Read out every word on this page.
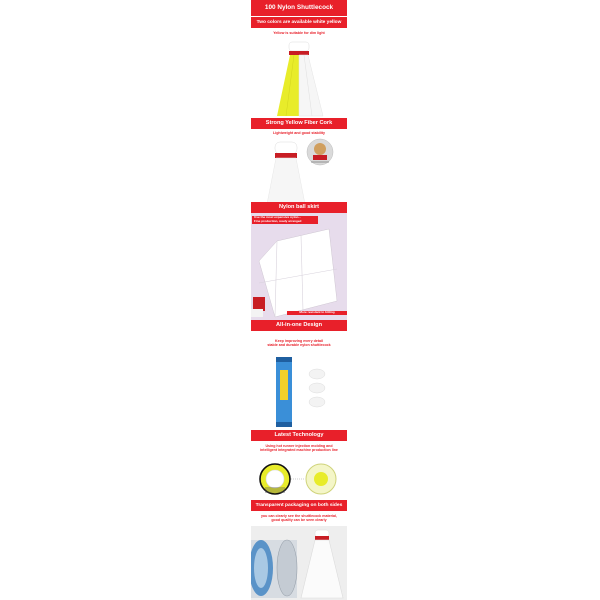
100 Nylon Shuttlecock
Two colors are available white yellow
Yellow is suitable for dim light
Strong Yellow Fiber Cork
Lightweight and good stability
Nylon ball skirt
Use the most expensive nylon...
Fine production, ready arranged
More resistant to hitting
All-in-one Design
Keep improving every detail
stable and durable nylon shuttlecock
Latest Technology
Using hot runner injection molding and
intelligent integrated machine production line
Transparent packaging on both sides
you can clearly see the shuttlecock material,
good quality can be seen clearly
